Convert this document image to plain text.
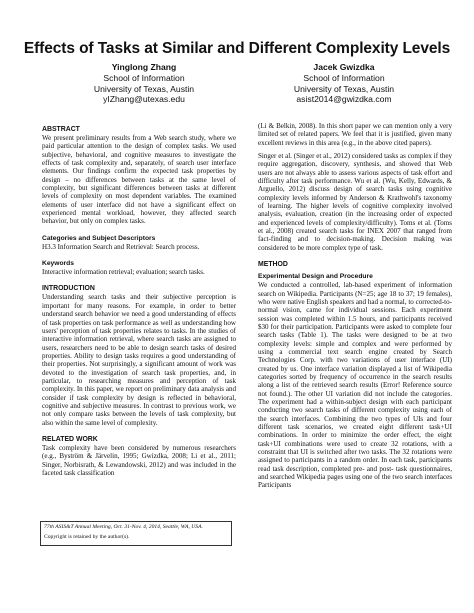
Effects of Tasks at Similar and Different Complexity Levels
Yinglong Zhang
School of Information
University of Texas, Austin
yIZhang@utexas.edu
Jacek Gwizdka
School of Information
University of Texas, Austin
asist2014@gwizdka.com
ABSTRACT

We present preliminary results from a Web search study, where we paid particular attention to the design of complex tasks. We used subjective, behavioral, and cognitive measures to investigate the effects of task complexity and, separately, of search user interface elements. Our findings confirm the expected task properties by design – no differences between tasks at the same level of complexity, but significant differences between tasks at different levels of complexity on most dependent variables. The examined elements of user interface did not have a significant effect on experienced mental workload, however, they affected search behavior, but only on complex tasks.

Categories and Subject Descriptors

H3.3 Information Search and Retrieval: Search process.

Keywords

Interactive information retrieval; evaluation; search tasks.

INTRODUCTION

Understanding search tasks and their subjective perception is important for many reasons. For example, in order to better understand search behavior we need a good understanding of effects of task properties on task performance as well as understanding how users' perception of task properties relates to tasks. In the studies of interactive information retrieval, where search tasks are assigned to users, researchers need to be able to design search tasks of desired properties. Ability to design tasks requires a good understanding of their properties. Not surprisingly, a significant amount of work was devoted to the investigation of search task properties, and, in particular, to researching measures and perception of task complexity. In this paper, we report on preliminary data analysis and consider if task complexity by design is reflected in behavioral, cognitive and subjective measures. In contrast to previous work, we not only compare tasks between the levels of task complexity, but also within the same level of complexity.

RELATED WORK

Task complexity have been considered by numerous researchers (e.g., Byström & Järvelin, 1995; Gwizdka, 2008; Li et al., 2011; Singer, Norbisrath, & Lewandowski, 2012) and was included in the faceted task classification

77th ASIS&T Annual Meeting, Oct. 31-Nov. 4, 2014, Seattle, WA, USA.
Copyright is retained by the author(s).

(Li & Belkin, 2008). In this short paper we can mention only a very limited set of related papers. We feel that it is justified, given many excellent reviews in this area (e.g., in the above cited papers).

Singer et al. (Singer et al., 2012) considered tasks as complex if they require aggregation, discovery, synthesis, and showed that Web users are not always able to assess various aspects of task effort and difficulty after task performance. Wu et al. (Wu, Kelly, Edwards, & Arguello, 2012) discuss design of search tasks using cognitive complexity levels informed by Anderson & Krathwohl's taxonomy of learning. The higher levels of cognitive complexity involved analysis, evaluation, creation (in the increasing order of expected and experienced levels of complexity/difficulty). Toms et al. (Toms et al., 2008) created search tasks for INEX 2007 that ranged from fact-finding and to decision-making. Decision making was considered to be more complex type of task.

METHOD
Experimental Design and Procedure

We conducted a controlled, lab-based experiment of information search on Wikipedia. Participants (N=25; age 18 to 37; 19 females), who were native English speakers and had a normal, to corrected-to-normal vision, came for individual sessions. Each experiment session was completed within 1.5 hours, and participants received $30 for their participation. Participants were asked to complete four search tasks (Table 1). The tasks were designed to be at two complexity levels: simple and complex and were performed by using a commercial text search engine created by Search Technologies Corp. with two variations of user interface (UI) created by us. One interface variation displayed a list of Wikipedia categories sorted by frequency of occurrence in the search results along a list of the retrieved search results (Error! Reference source not found.). The other UI variation did not include the categories. The experiment had a within-subject design with each participant conducting two search tasks of different complexity using each of the search interfaces. Combining the two types of UIs and four different task scenarios, we created eight different task+UI combinations. In order to minimize the order effect, the eight task+UI combinations were used to create 32 rotations, with a constraint that UI is switched after two tasks. The 32 rotations were assigned to participants in a random order. In each task, participants read task description, completed pre- and post- task questionnaires, and searched Wikipedia pages using one of the two search interfaces Participants
